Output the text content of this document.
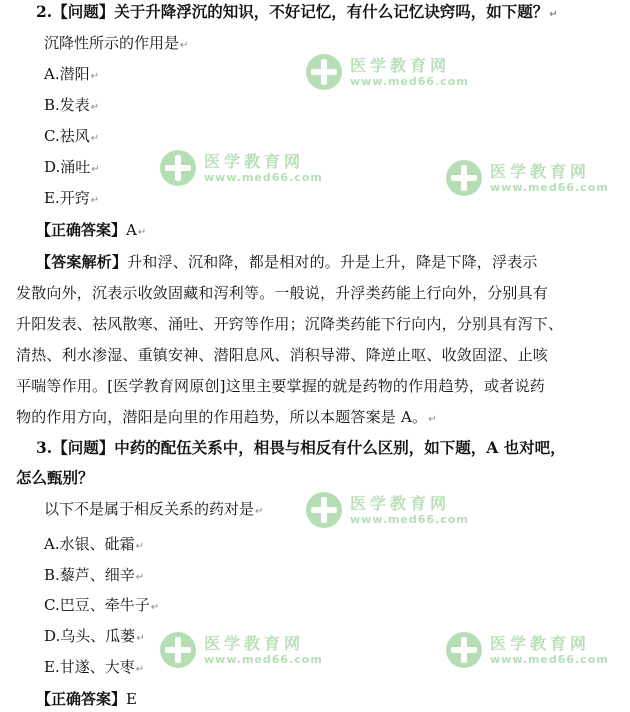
医学教育网
www.med66.com
医学教育网
www.med66.com	医学教育网
www.med66.com
医学教育网
www.med66.com
医学教育网
www.med66.com
医学教育网
www.med66.com
2.【问题】关于升降浮沉的知识，不好记忆，有什么记忆诀窍吗，如下题？↵
沉降性所示的作用是↵
A.潜阳↵
B.发表↵
C.祛风↵
D.涌吐↵
E.开窍↵
【正确答案】A↵
【答案解析】升和浮、沉和降，都是相对的。升是上升，降是下降，浮表示
发散向外，沉表示收敛固藏和泻利等。一般说，升浮类药能上行向外，分别具有
升阳发表、祛风散寒、涌吐、开窍等作用；沉降类药能下行向内，分别具有泻下、
清热、利水渗湿、重镇安神、潜阳息风、消积导滞、降逆止呕、收敛固涩、止咳
平喘等作用。[医学教育网原创]这里主要掌握的就是药物的作用趋势，或者说药
物的作用方向，潜阳是向里的作用趋势，所以本题答案是 A。↵
3.【问题】中药的配伍关系中，相畏与相反有什么区别，如下题，A 也对吧，
怎么甄别？
以下不是属于相反关系的药对是↵
A.水银、砒霜↵
B.藜芦、细辛↵
C.巴豆、牵牛子↵
D.乌头、瓜蒌↵
E.甘遂、大枣↵
【正确答案】E
